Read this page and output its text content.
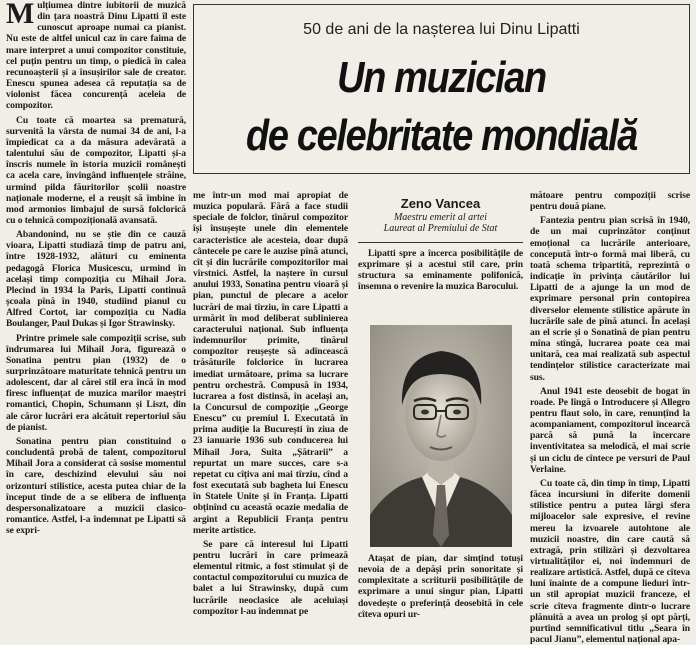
Mulțiumea dintre iubitorii de muzică din țara noastră Dinu Lipatti îl este cunoscut aproape numai ca pianist. Nu este de altfel unicul caz în care faima de mare interpret a unui compozitor constituie, cel puțin pentru un timp, o piedică în calea recunoașterii și a însușirilor sale de creator. Enescu spunea adesea că reputația sa de violonist făcea concurență aceleia de compozitor.

Cu toate că moartea sa prematură, survenită la vârsta de numai 34 de ani, l-a împiedicat ca a da măsura adevărată a talentului său de compozitor, Lipatti și-a înscris numele în istoria muzicii românești ca acela care, învingând influențele străine, urmind pilda făuritorilor școlii noastre naționale moderne, el a reușit să îmbine în mod armonios limbajul de sursă folclorică cu o tehnică compozițională avansată.

Abandonind, nu se știe din ce cauză vioara, Lipatti studiază timp de patru ani, între 1928-1932, alături cu eminenta pedagogă Florica Musicescu, urmind în același timp compoziția cu Mihail Jora. Plecind în 1934 la Paris, Lipatti continuă școala pînă în 1940, studiind pianul cu Alfred Cortot, iar compoziția cu Nadia Boulanger, Paul Dukas și Igor Strawinsky.

Printre primele sale compoziții scrise, sub îndrumarea lui Mihail Jora, figurează o Sonatina pentru pian (1932) de o surprinzătoare maturitate tehnică pentru un adolescent, dar al cărei stil era încă în mod firesc influențat de muzica marilor maeștri romantici, Chopin, Schumann și Liszt, din ale căror lucrări era alcătuit repertoriul său de pianist.

Sonatina pentru pian constituind o concludentă probă de talent, compozitorul Mihail Jora a considerat că sosise momentul în care, deschizind elevului său noi orizonturi stilistice, acesta putea chiar de la început tinde de a se elibera de influența despersonalizatoare a muzicii clasico-romantice. Astfel, l-a îndemnat pe Lipatti să se expri-

50 de ani de la nașterea lui Dinu Lipatti
Un muzician
de celebritate mondială

me într-un mod mai apropiat de muzica populară. Fără a face studii speciale de folclor, tînărul compozitor își însușește unele din elementele caracteristice ale acesteia, doar după cântecele pe care le auzise pînă atunci, cît și din lucrările compozitorilor mai vîrstnici. Astfel, la naștere în cursul anului 1933, Sonatina pentru vioară și pian, punctul de plecare a acelor lucrări de mai tîrziu, în care Lipatti a urmărit în mod deliberat sublinierea caracterului național. Sub influența îndemnurilor primite, tînărul compozitor reușește să adîncească trăsăturile folclorice în lucrarea imediat următoare, prima sa lucrare pentru orchestră. Compusă în 1934, lucrarea a fost distinsă, în același an, la Concursul de compoziție „George Enescu” cu premiul I. Executată în prima audiție la București în ziua de 23 ianuarie 1936 sub conducerea lui Mihail Jora, Suita „Șătrarii” a repurtat un mare succes, care s-a repetat cu cîțiva ani mai tîrziu, cînd a fost executată sub bagheta lui Enescu în Statele Unite și în Franța. Lipatti obținînd cu această ocazie medalia de argint a Republicii Franța pentru merite artistice.

Se pare că interesul lui Lipatti pentru lucrări în care primează elementul ritmic, a fost stimulat și de contactul compozitorului cu muzica de balet a lui Strawinsky, după cum lucrările neoclasice ale aceluiași compozitor l-au îndemnat pe

Zeno Vancea
Maestru emerit al artei
Laureat al Premiului de Stat

Lipatti spre a încerca posibilitățile de exprimare și a acestui stil care, prin structura sa eminamente polifonică, însemna o revenire la muzica Barocului.

Atașat de pian, dar simțind totuși nevoia de a depăși prin sonoritate și complexitate a scriiturii posibilitățile de exprimare a unui singur pian, Lipatti dovedește o preferință deosebită în cele cîteva opuri ur-

mătoare pentru compoziții scrise pentru două piane.

Fantezia pentru pian scrisă în 1940, de un mai cuprinzător conținut emoțional ca lucrările anterioare, concepută într-o formă mai liberă, cu toată schema tripartită, reprezintă o indicație în privința căutărilor lui Lipatti de a ajunge la un mod de exprimare personal prin contopirea diverselor elemente stilistice apărute în lucrările sale de pînă atunci. În același an el scrie și o Sonatină de pian pentru mîna stîngă, lucrarea poate cea mai unitară, cea mai realizată sub aspectul tendințelor stilistice caracterizate mai sus.

Anul 1941 este deosebit de bogat în roade. Pe lîngă o Introducere și Allegro pentru flaut solo, în care, renunțînd la acompaniament, compozitorul încearcă parcă să pună la încercare inventivitatea sa melodică, el mai scrie și un ciclu de cîntece pe versuri de Paul Verlaine.

Cu toate că, din timp în timp, Lipatti făcea incursiuni în diferite domenii stilistice pentru a putea lărgi sfera mijloacelor sale expresive, el revine mereu la izvoarele autohtone ale muzicii noastre, din care caută să extragă, prin stilizări și dezvoltarea virtualităților ei, noi îndemnuri de realizare artistică. Astfel, după ce cîteva luni înainte de a compune lieduri într-un stil apropiat muzicii franceze, el scrie cîteva fragmente dintr-o lucrare plănuită a avea un prolog și opt părți, purtînd semnificativul titlu „Seara în pacul Jianu”, elementul național apa-
